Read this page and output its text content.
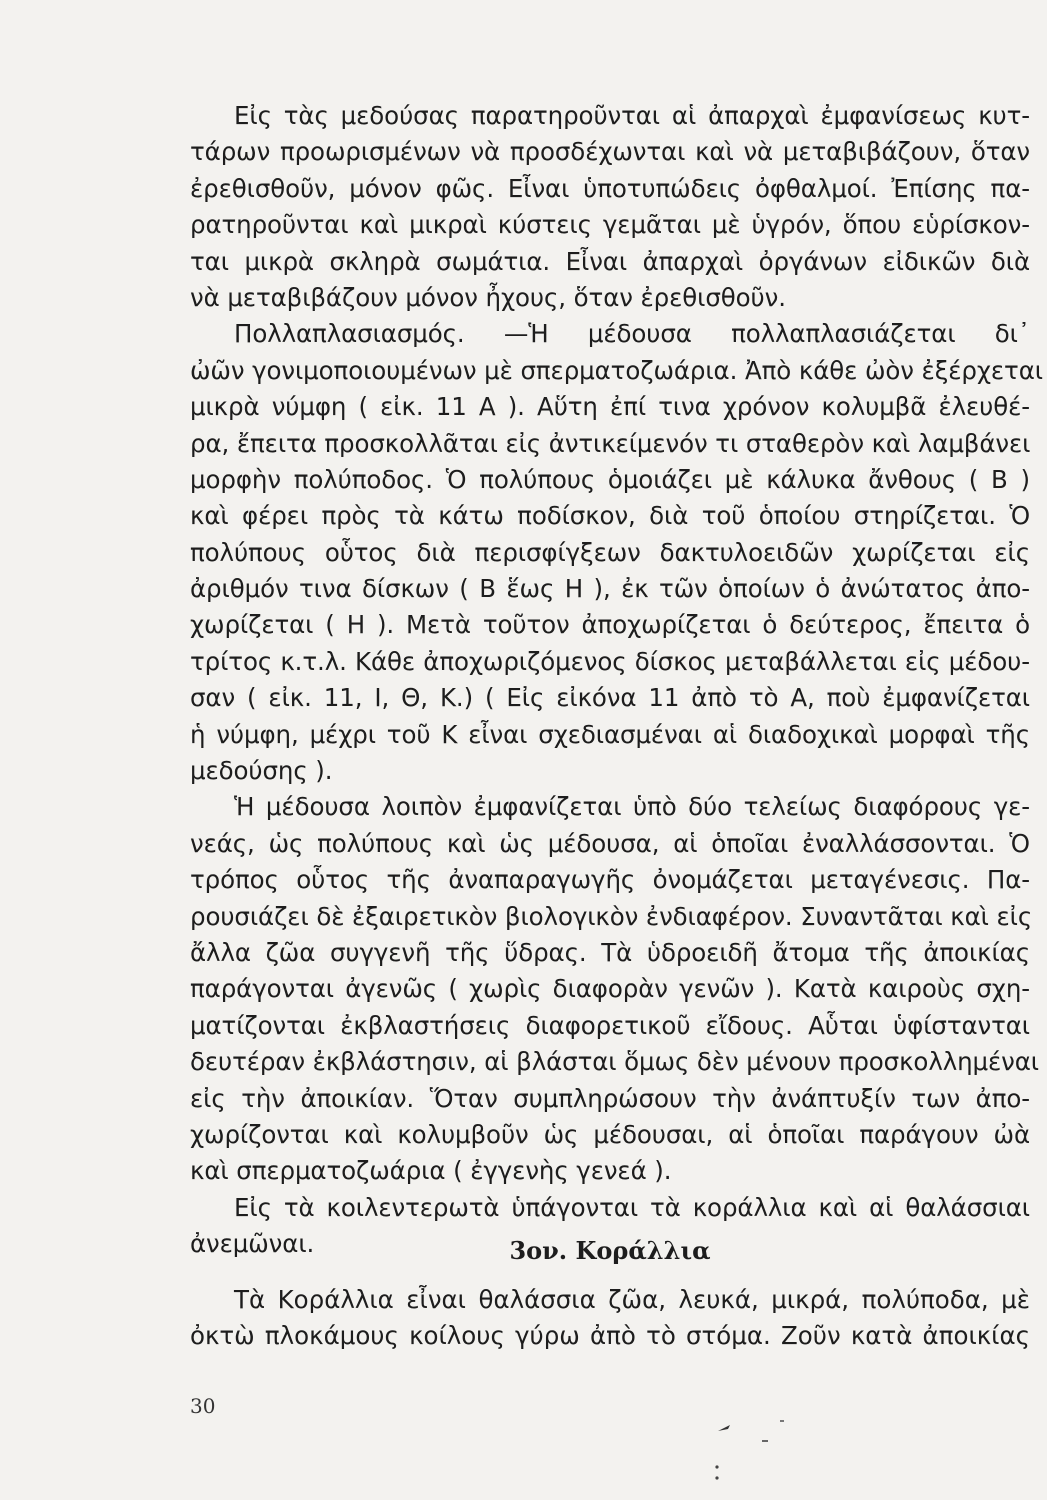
Εἰς τὰς μεδούσας παρατηροῦνται αἱ ἀπαρχαὶ ἐμφανίσεως κυτ-
τάρων προωρισμένων νὰ προσδέχωνται καὶ νὰ μεταβιβάζουν, ὅταν
ἐρεθισθοῦν, μόνον φῶς. Εἶναι ὑποτυπώδεις ὀφθαλμοί. Ἐπίσης πα-
ρατηροῦνται καὶ μικραὶ κύστεις γεμᾶται μὲ ὑγρόν, ὅπου εὑρίσκον-
ται μικρὰ σκληρὰ σωμάτια. Εἶναι ἀπαρχαὶ ὀργάνων εἰδικῶν διὰ
νὰ μεταβιβάζουν μόνον ἦχους, ὅταν ἐρεθισθοῦν.
Πολλαπλασιασμός. —Ἡ μέδουσα πολλαπλασιάζεται δι᾽
ὠῶν γονιμοποιουμένων μὲ σπερματοζωάρια. Ἀπὸ κάθε ὠὸν ἐξέρχεται
μικρὰ νύμφη ( εἰκ. 11 Α ). Αὕτη ἐπί τινα χρόνον κολυμβᾶ ἐλευθέ-
ρα, ἔπειτα προσκολλᾶται εἰς ἀντικείμενόν τι σταθερὸν καὶ λαμβάνει
μορφὴν πολύποδος. Ὁ πολύπους ὁμοιάζει μὲ κάλυκα ἄνθους ( Β )
καὶ φέρει πρὸς τὰ κάτω ποδίσκον, διὰ τοῦ ὁποίου στηρίζεται. Ὁ
πολύπους οὗτος διὰ περισφίγξεων δακτυλοειδῶν χωρίζεται εἰς
ἀριθμόν τινα δίσκων ( Β ἕως Η ), ἐκ τῶν ὁποίων ὁ ἀνώτατος ἀπο-
χωρίζεται ( Η ). Μετὰ τοῦτον ἀποχωρίζεται ὁ δεύτερος, ἔπειτα ὁ
τρίτος κ.τ.λ. Κάθε ἀποχωριζόμενος δίσκος μεταβάλλεται εἰς μέδου-
σαν ( εἰκ. 11, Ι, Θ, Κ.) ( Εἰς εἰκόνα 11 ἀπὸ τὸ Α, ποὺ ἐμφανίζεται
ἡ νύμφη, μέχρι τοῦ Κ εἶναι σχεδιασμέναι αἱ διαδοχικαὶ μορφαὶ τῆς
μεδούσης ).
Ἡ μέδουσα λοιπὸν ἐμφανίζεται ὑπὸ δύο τελείως διαφόρους γε-
νεάς, ὡς πολύπους καὶ ὡς μέδουσα, αἱ ὁποῖαι ἐναλλάσσονται. Ὁ
τρόπος οὗτος τῆς ἀναπαραγωγῆς ὀνομάζεται μεταγένεσις. Πα-
ρουσιάζει δὲ ἐξαιρετικὸν βιολογικὸν ἐνδιαφέρον. Συναντᾶται καὶ εἰς
ἄλλα ζῶα συγγενῆ τῆς ὕδρας. Τὰ ὑδροειδῆ ἄτομα τῆς ἀποικίας
παράγονται ἀγενῶς ( χωρὶς διαφορὰν γενῶν ). Κατὰ καιροὺς σχη-
ματίζονται ἐκβλαστήσεις διαφορετικοῦ εἴδους. Αὗται ὑφίστανται
δευτέραν ἐκβλάστησιν, αἱ βλάσται ὅμως δὲν μένουν προσκολλημέναι
εἰς τὴν ἀποικίαν. Ὅταν συμπληρώσουν τὴν ἀνάπτυξίν των ἀπο-
χωρίζονται καὶ κολυμβοῦν ὡς μέδουσαι, αἱ ὁποῖαι παράγουν ὠὰ
καὶ σπερματοζωάρια ( ἐγγενὴς γενεά ).
Εἰς τὰ κοιλεντερωτὰ ὑπάγονται τὰ κοράλλια καὶ αἱ θαλάσσιαι
ἀνεμῶναι.	3ον. Κοράλλια
Τὰ Κοράλλια εἶναι θαλάσσια ζῶα, λευκά, μικρά, πολύποδα, μὲ
ὀκτὼ πλοκάμους κοίλους γύρω ἀπὸ τὸ στόμα. Ζοῦν κατὰ ἀποικίας
30
